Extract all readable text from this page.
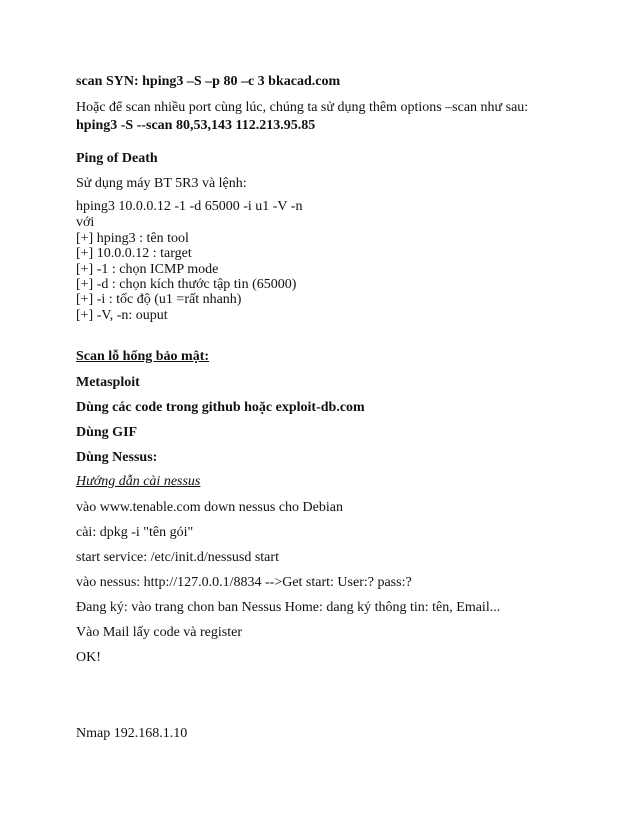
scan SYN: hping3 –S –p 80 –c 3 bkacad.com
Hoặc để scan nhiều port cùng lúc, chúng ta sử dụng thêm options –scan như sau:
hping3 -S --scan 80,53,143 112.213.95.85
Ping of Death
Sử dụng máy BT 5R3 và lệnh:
hping3 10.0.0.12 -1 -d 65000 -i u1 -V -n
với
[+] hping3 : tên tool
[+] 10.0.0.12 : target
[+] -1 : chọn ICMP mode
[+] -d : chọn kích thước tập tin (65000)
[+] -i : tốc độ (u1 =rất nhanh)
[+] -V, -n: ouput
Scan lỗ hổng bảo mật:
Metasploit
Dùng các code trong github hoặc exploit-db.com
Dùng GIF
Dùng Nessus:
Hướng dẫn cài nessus
vào www.tenable.com down nessus cho Debian
cài: dpkg -i "tên gói"
start service: /etc/init.d/nessusd start
vào nessus: http://127.0.0.1/8834 -->Get start: User:? pass:?
Đang ký: vào trang chon ban Nessus Home: dang ký thông tin: tên, Email...
Vào Mail lấy code và register
OK!
Nmap 192.168.1.10
